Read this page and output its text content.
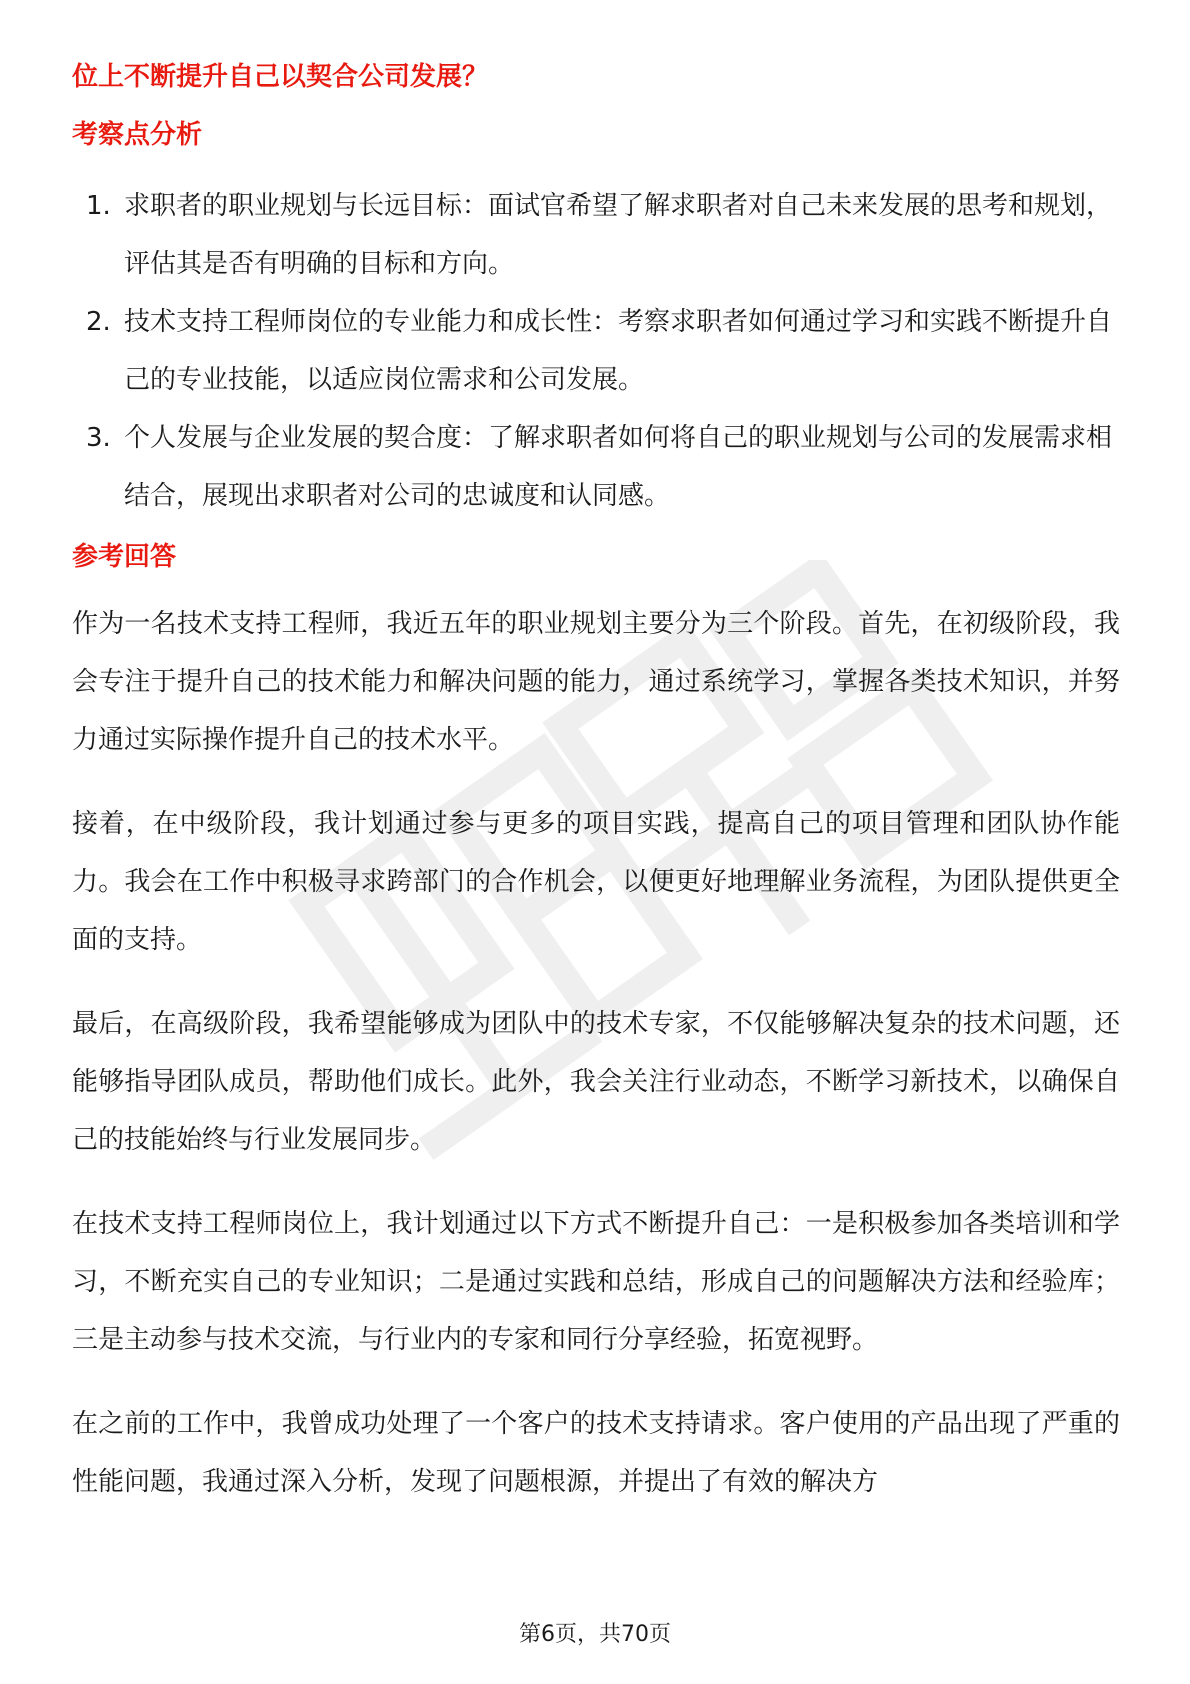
位上不断提升自己以契合公司发展？

考察点分析

1. 求职者的职业规划与长远目标：面试官希望了解求职者对自己未来发展的思考和规划，评估其是否有明确的目标和方向。
2. 技术支持工程师岗位的专业能力和成长性：考察求职者如何通过学习和实践不断提升自己的专业技能，以适应岗位需求和公司发展。
3. 个人发展与企业发展的契合度：了解求职者如何将自己的职业规划与公司的发展需求相结合，展现出求职者对公司的忠诚度和认同感。

参考回答

作为一名技术支持工程师，我近五年的职业规划主要分为三个阶段。首先，在初级阶段，我会专注于提升自己的技术能力和解决问题的能力，通过系统学习，掌握各类技术知识，并努力通过实际操作提升自己的技术水平。

接着，在中级阶段，我计划通过参与更多的项目实践，提高自己的项目管理和团队协作能力。我会在工作中积极寻求跨部门的合作机会，以便更好地理解业务流程，为团队提供更全面的支持。

最后，在高级阶段，我希望能够成为团队中的技术专家，不仅能够解决复杂的技术问题，还能够指导团队成员，帮助他们成长。此外，我会关注行业动态，不断学习新技术，以确保自己的技能始终与行业发展同步。

在技术支持工程师岗位上，我计划通过以下方式不断提升自己：一是积极参加各类培训和学习，不断充实自己的专业知识；二是通过实践和总结，形成自己的问题解决方法和经验库；三是主动参与技术交流，与行业内的专家和同行分享经验，拓宽视野。

在之前的工作中，我曾成功处理了一个客户的技术支持请求。客户使用的产品出现了严重的性能问题，我通过深入分析，发现了问题根源，并提出了有效的解决方

第6页，共70页
